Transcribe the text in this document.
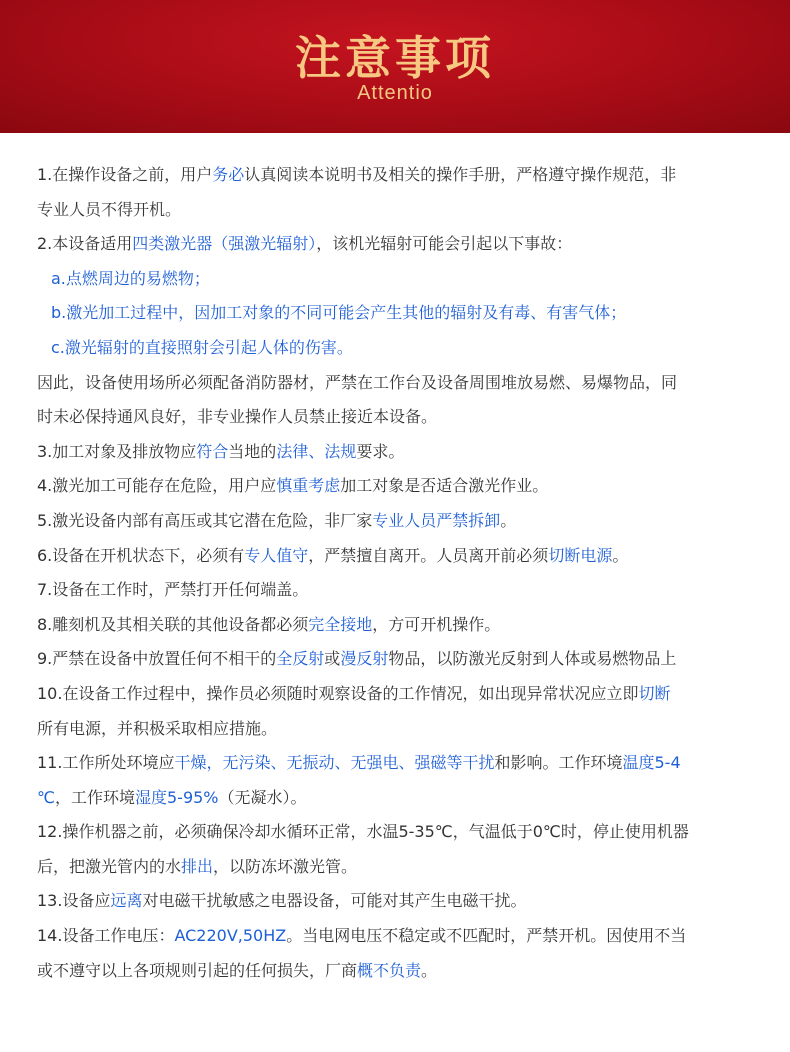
注意事项
Attentio
1.在操作设备之前，用户务必认真阅读本说明书及相关的操作手册，严格遵守操作规范，非
专业人员不得开机。
2.本设备适用四类激光器（强激光辐射），该机光辐射可能会引起以下事故：
a.点燃周边的易燃物；
b.激光加工过程中，因加工对象的不同可能会产生其他的辐射及有毒、有害气体；
c.激光辐射的直接照射会引起人体的伤害。
因此，设备使用场所必须配备消防器材，严禁在工作台及设备周围堆放易燃、易爆物品，同
时未必保持通风良好，非专业操作人员禁止接近本设备。
3.加工对象及排放物应符合当地的法律、法规要求。
4.激光加工可能存在危险，用户应慎重考虑加工对象是否适合激光作业。
5.激光设备内部有高压或其它潜在危险，非厂家专业人员严禁拆卸。
6.设备在开机状态下，必须有专人值守，严禁擅自离开。人员离开前必须切断电源。
7.设备在工作时，严禁打开任何端盖。
8.雕刻机及其相关联的其他设备都必须完全接地，方可开机操作。
9.严禁在设备中放置任何不相干的全反射或漫反射物品，以防激光反射到人体或易燃物品上
10.在设备工作过程中，操作员必须随时观察设备的工作情况，如出现异常状况应立即切断
所有电源，并积极采取相应措施。
11.工作所处环境应干燥，无污染、无振动、无强电、强磁等干扰和影响。工作环境温度5-4
℃，工作环境湿度5-95%（无凝水）。
12.操作机器之前，必须确保冷却水循环正常，水温5-35℃，气温低于0℃时，停止使用机器
后，把激光管内的水排出，以防冻坏激光管。
13.设备应远离对电磁干扰敏感之电器设备，可能对其产生电磁干扰。
14.设备工作电压：AC220V,50HZ。当电网电压不稳定或不匹配时，严禁开机。因使用不当
或不遵守以上各项规则引起的任何损失，厂商概不负责。
